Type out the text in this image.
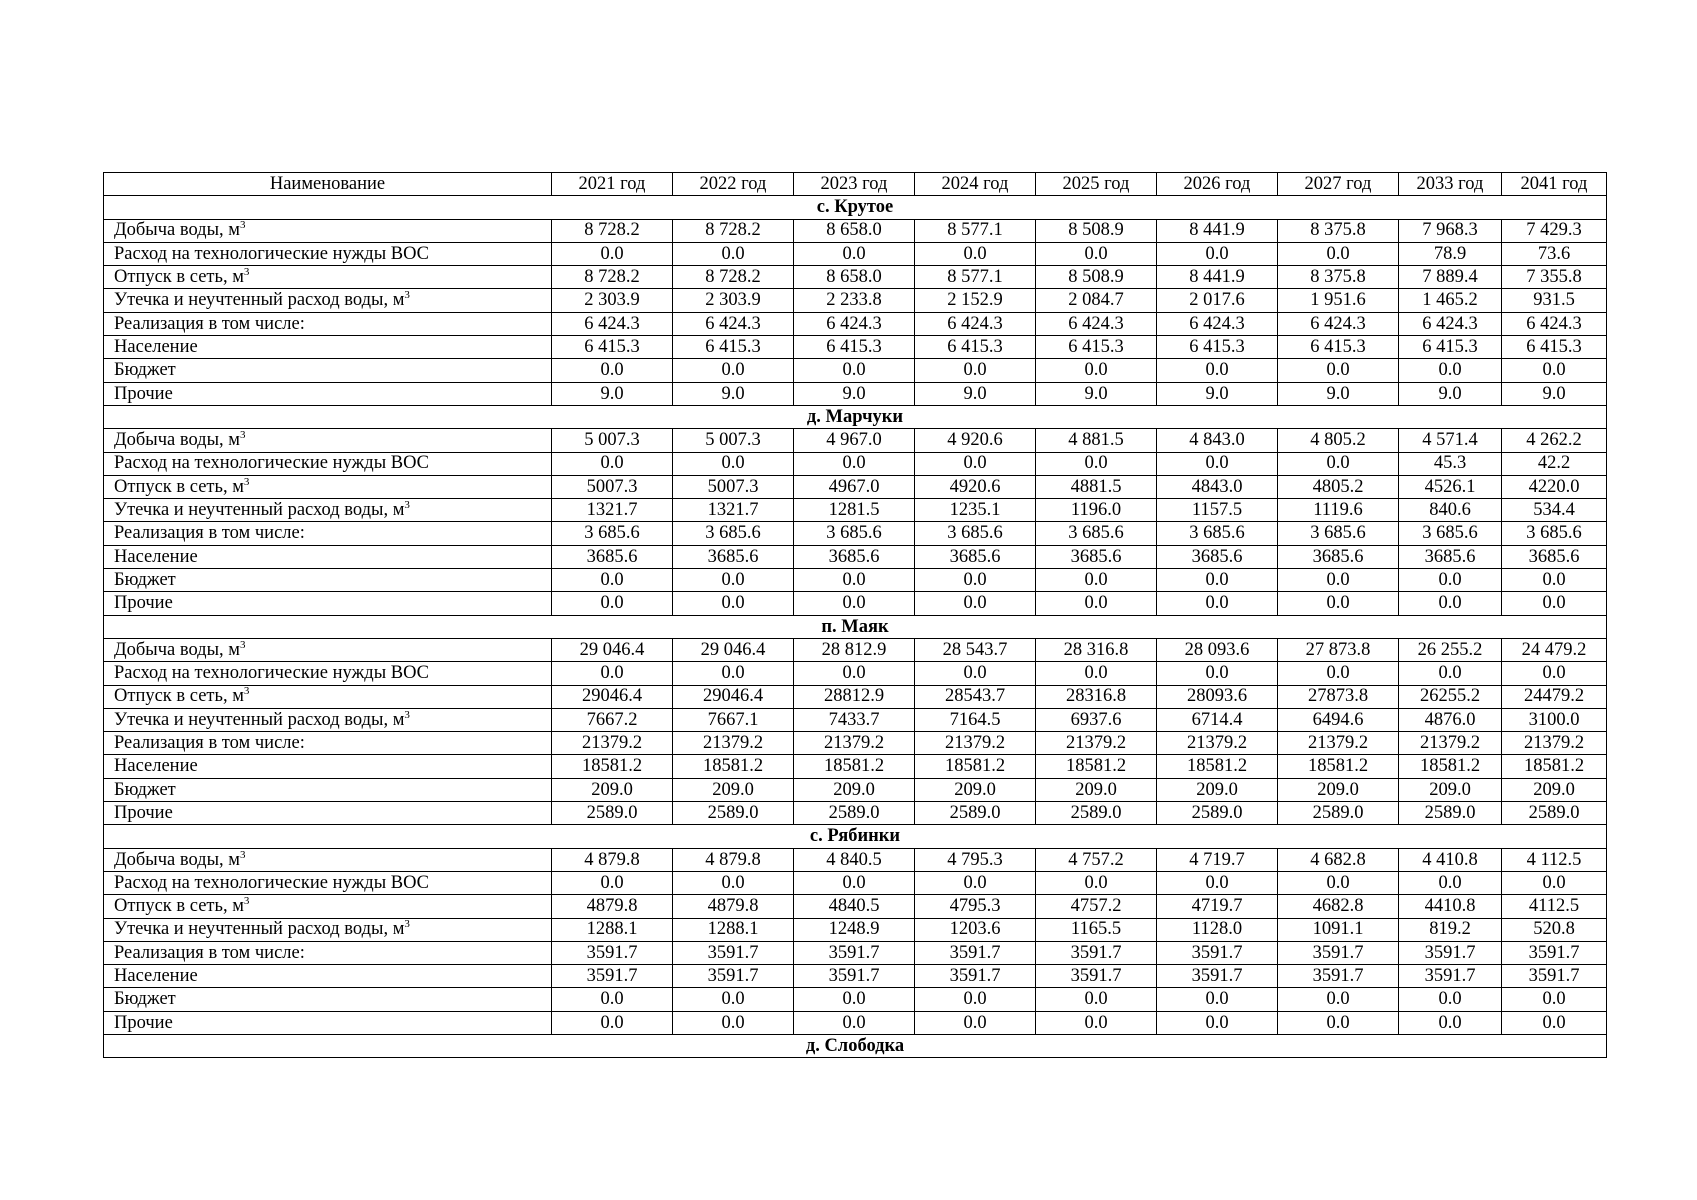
Наименование	2021 год	2022 год	2023 год	2024 год	2025 год	2026 год	2027 год	2033 год	2041 год
с. Крутое									
Добыча воды, $м^3$	8 728.2	8 728.2	8 658.0	8 577.1	8 508.9	8 441.9	8 375.8	7 968.3	7 429.3
Расход на технологические нужды ВОС	0.0	0.0	0.0	0.0	0.0	0.0	0.0	78.9	73.6
Отпуск в сеть, $м^3$	8 728.2	8 728.2	8 658.0	8 577.1	8 508.9	8 441.9	8 375.8	7 889.4	7 355.8
Утечка и неучтенный расход воды, $м^3$	2 303.9	2 303.9	2 233.8	2 152.9	2 084.7	2 017.6	1 951.6	1 465.2	931.5
Реализация в том числе:	6 424.3	6 424.3	6 424.3	6 424.3	6 424.3	6 424.3	6 424.3	6 424.3	6 424.3
Население	6 415.3	6 415.3	6 415.3	6 415.3	6 415.3	6 415.3	6 415.3	6 415.3	6 415.3
Бюджет	0.0	0.0	0.0	0.0	0.0	0.0	0.0	0.0	0.0
Прочие	9.0	9.0	9.0	9.0	9.0	9.0	9.0	9.0	9.0
д. Марчуки									
Добыча воды, $м^3$	5 007.3	5 007.3	4 967.0	4 920.6	4 881.5	4 843.0	4 805.2	4 571.4	4 262.2
Расход на технологические нужды ВОС	0.0	0.0	0.0	0.0	0.0	0.0	0.0	45.3	42.2
Отпуск в сеть, $м^3$	5007.3	5007.3	4967.0	4920.6	4881.5	4843.0	4805.2	4526.1	4220.0
Утечка и неучтенный расход воды, $м^3$	1321.7	1321.7	1281.5	1235.1	1196.0	1157.5	1119.6	840.6	534.4
Реализация в том числе:	3 685.6	3 685.6	3 685.6	3 685.6	3 685.6	3 685.6	3 685.6	3 685.6	3 685.6
Население	3685.6	3685.6	3685.6	3685.6	3685.6	3685.6	3685.6	3685.6	3685.6
Бюджет	0.0	0.0	0.0	0.0	0.0	0.0	0.0	0.0	0.0
Прочие	0.0	0.0	0.0	0.0	0.0	0.0	0.0	0.0	0.0
п. Маяк									
Добыча воды, $м^3$	29 046.4	29 046.4	28 812.9	28 543.7	28 316.8	28 093.6	27 873.8	26 255.2	24 479.2
Расход на технологические нужды ВОС	0.0	0.0	0.0	0.0	0.0	0.0	0.0	0.0	0.0
Отпуск в сеть, $м^3$	29046.4	29046.4	28812.9	28543.7	28316.8	28093.6	27873.8	26255.2	24479.2
Утечка и неучтенный расход воды, $м^3$	7667.2	7667.1	7433.7	7164.5	6937.6	6714.4	6494.6	4876.0	3100.0
Реализация в том числе:	21379.2	21379.2	21379.2	21379.2	21379.2	21379.2	21379.2	21379.2	21379.2
Население	18581.2	18581.2	18581.2	18581.2	18581.2	18581.2	18581.2	18581.2	18581.2
Бюджет	209.0	209.0	209.0	209.0	209.0	209.0	209.0	209.0	209.0
Прочие	2589.0	2589.0	2589.0	2589.0	2589.0	2589.0	2589.0	2589.0	2589.0
с. Рябинки									
Добыча воды, $м^3$	4 879.8	4 879.8	4 840.5	4 795.3	4 757.2	4 719.7	4 682.8	4 410.8	4 112.5
Расход на технологические нужды ВОС	0.0	0.0	0.0	0.0	0.0	0.0	0.0	0.0	0.0
Отпуск в сеть, $м^3$	4879.8	4879.8	4840.5	4795.3	4757.2	4719.7	4682.8	4410.8	4112.5
Утечка и неучтенный расход воды, $м^3$	1288.1	1288.1	1248.9	1203.6	1165.5	1128.0	1091.1	819.2	520.8
Реализация в том числе:	3591.7	3591.7	3591.7	3591.7	3591.7	3591.7	3591.7	3591.7	3591.7
Население	3591.7	3591.7	3591.7	3591.7	3591.7	3591.7	3591.7	3591.7	3591.7
Бюджет	0.0	0.0	0.0	0.0	0.0	0.0	0.0	0.0	0.0
Прочие	0.0	0.0	0.0	0.0	0.0	0.0	0.0	0.0	0.0
д. Слободка									
